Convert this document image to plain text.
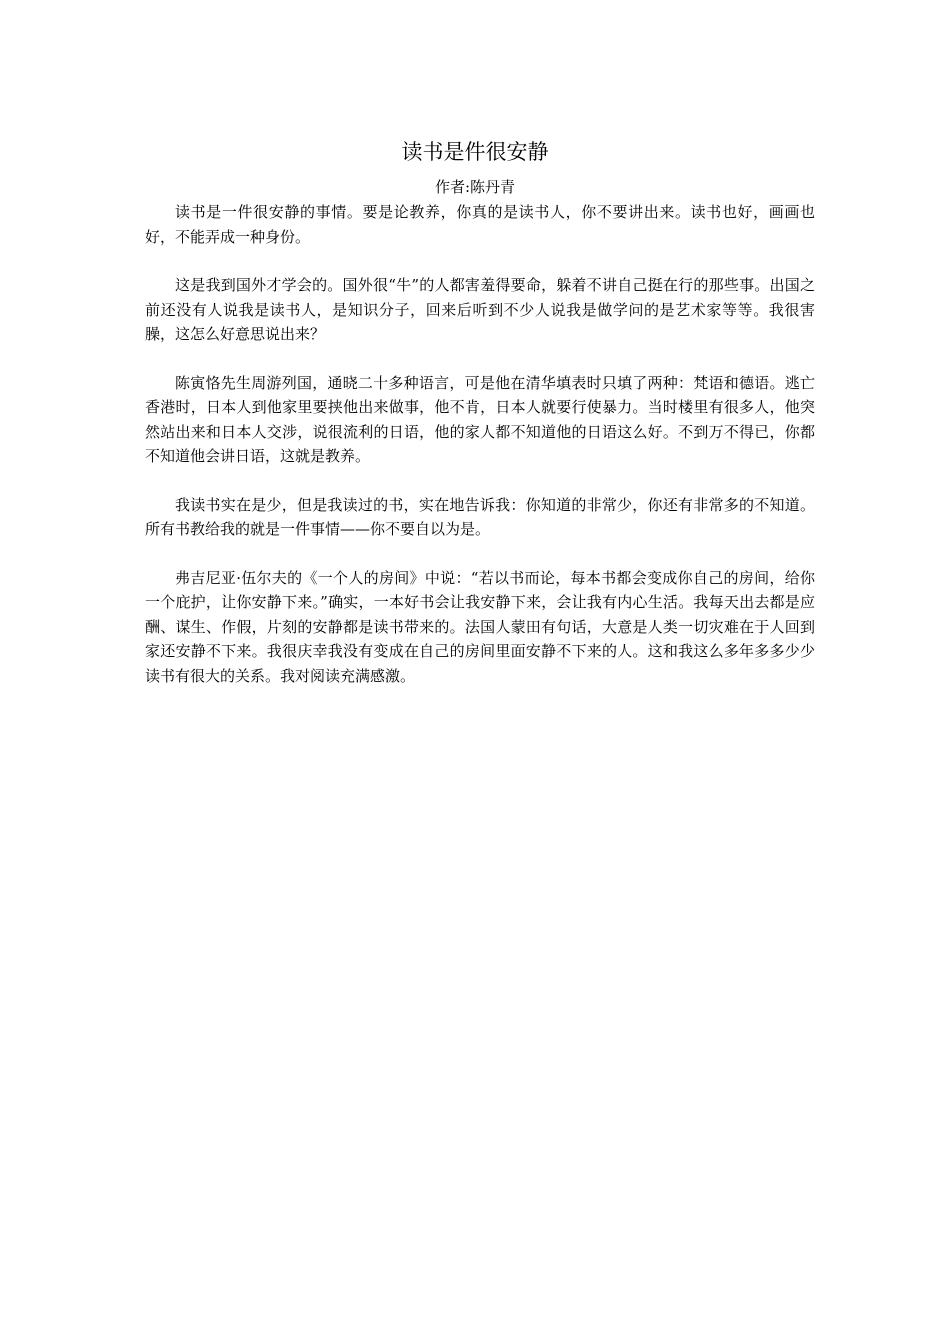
读书是件很安静
作者:陈丹青

读书是一件很安静的事情。要是论教养，你真的是读书人，你不要讲出来。读书也好，画画也好，不能弄成一种身份。

这是我到国外才学会的。国外很“牛”的人都害羞得要命，躲着不讲自己挺在行的那些事。出国之前还没有人说我是读书人，是知识分子，回来后听到不少人说我是做学问的是艺术家等等。我很害臊，这怎么好意思说出来？

陈寅恪先生周游列国，通晓二十多种语言，可是他在清华填表时只填了两种：梵语和德语。逃亡香港时，日本人到他家里要挟他出来做事，他不肯，日本人就要行使暴力。当时楼里有很多人，他突然站出来和日本人交涉，说很流利的日语，他的家人都不知道他的日语这么好。不到万不得已，你都不知道他会讲日语，这就是教养。

我读书实在是少，但是我读过的书，实在地告诉我：你知道的非常少，你还有非常多的不知道。所有书教给我的就是一件事情——你不要自以为是。

弗吉尼亚·伍尔夫的《一个人的房间》中说：“若以书而论，每本书都会变成你自己的房间，给你一个庇护，让你安静下来。”确实，一本好书会让我安静下来，会让我有内心生活。我每天出去都是应酬、谋生、作假，片刻的安静都是读书带来的。法国人蒙田有句话，大意是人类一切灾难在于人回到家还安静不下来。我很庆幸我没有变成在自己的房间里面安静不下来的人。这和我这么多年多多少少读书有很大的关系。我对阅读充满感激。
